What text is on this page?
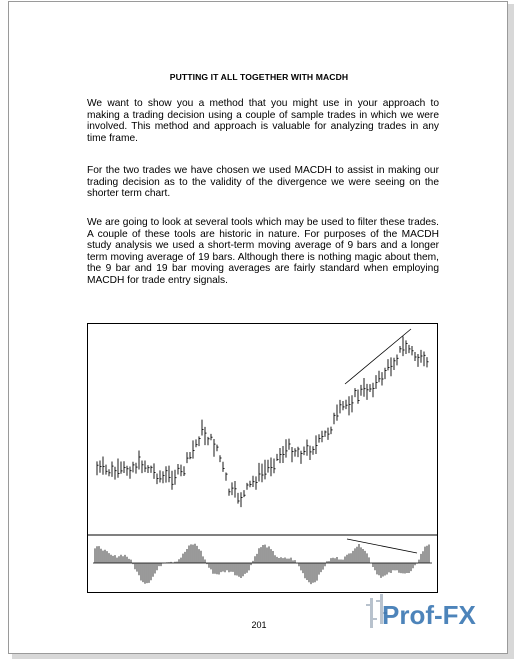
PUTTING IT ALL TOGETHER WITH MACDH

We want to show you a method that you might use in your approach to making a trading decision using a couple of sample trades in which we were involved. This method and approach is valuable for analyzing trades in any time frame.

For the two trades we have chosen we used MACDH to assist in making our trading decision as to the validity of the divergence we were seeing on the shorter term chart.

We are going to look at several tools which may be used to filter these trades. A couple of these tools are historic in nature. For purposes of the MACDH study analysis we used a short-term moving average of 9 bars and a longer term moving average of 19 bars. Although there is nothing magic about them, the 9 bar and 19 bar moving averages are fairly standard when employing MACDH for trade entry signals.

201	Prof-FX
